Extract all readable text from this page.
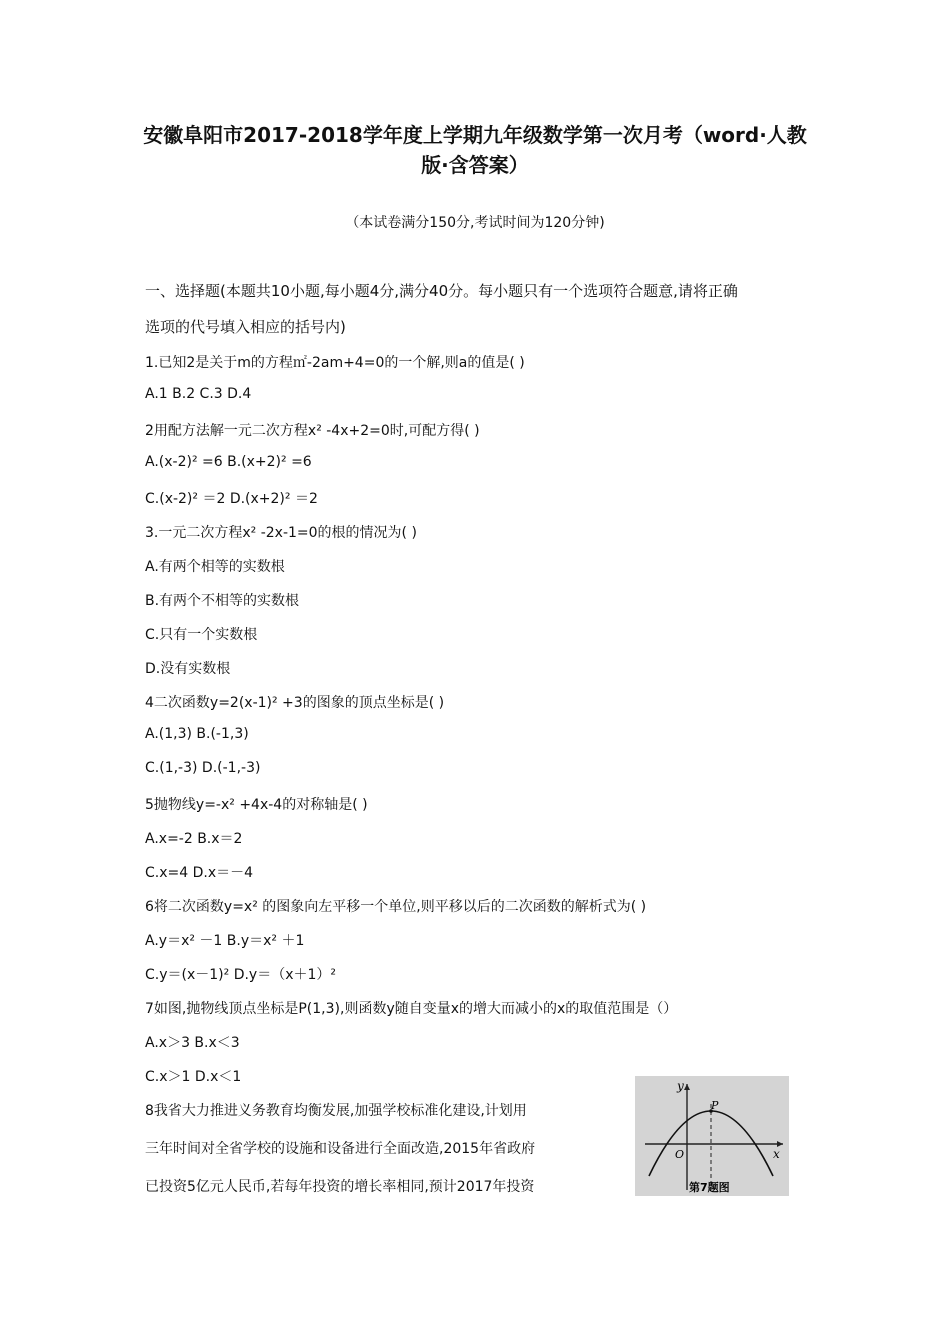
安徽阜阳市2017-2018学年度上学期九年级数学第一次月考（word·人教版·含答案）
（本试卷满分150分,考试时间为120分钟)
一、选择题(本题共10小题,每小题4分,满分40分。每小题只有一个选项符合题意,请将正确
选项的代号填入相应的括号内)
1.已知2是关于m的方程㎡-2am+4=0的一个解,则a的值是( )
A.1 B.2 C.3 D.4
2用配方法解一元二次方程x² -4x+2=0时,可配方得( )
A.(x-2)² =6 B.(x+2)² =6
C.(x-2)² ＝2 D.(x+2)² ＝2
3.一元二次方程x² -2x-1=0的根的情况为( )
A.有两个相等的实数根
B.有两个不相等的实数根
C.只有一个实数根
D.没有实数根
4二次函数y=2(x-1)² +3的图象的顶点坐标是( )
A.(1,3) B.(-1,3)
C.(1,-3) D.(-1,-3)
5抛物线y=-x² +4x-4的对称轴是( )
A.x=-2 B.x＝2
C.x=4 D.x＝－4
6将二次函数y=x² 的图象向左平移一个单位,则平移以后的二次函数的解析式为( )
A.y＝x² －1 B.y＝x² ＋1
C.y＝(x－1)² D.y＝（x＋1）²
7如图,抛物线顶点坐标是P(1,3),则函数y随自变量x的增大而减小的x的取值范围是（）
A.x＞3 B.x＜3
C.x＞1 D.x＜1
8我省大力推进义务教育均衡发展,加强学校标准化建设,计划用
三年时间对全省学校的设施和设备进行全面改造,2015年省政府
已投资5亿元人民币,若每年投资的增长率相同,预计2017年投资
y
x
O
P
第7题图
